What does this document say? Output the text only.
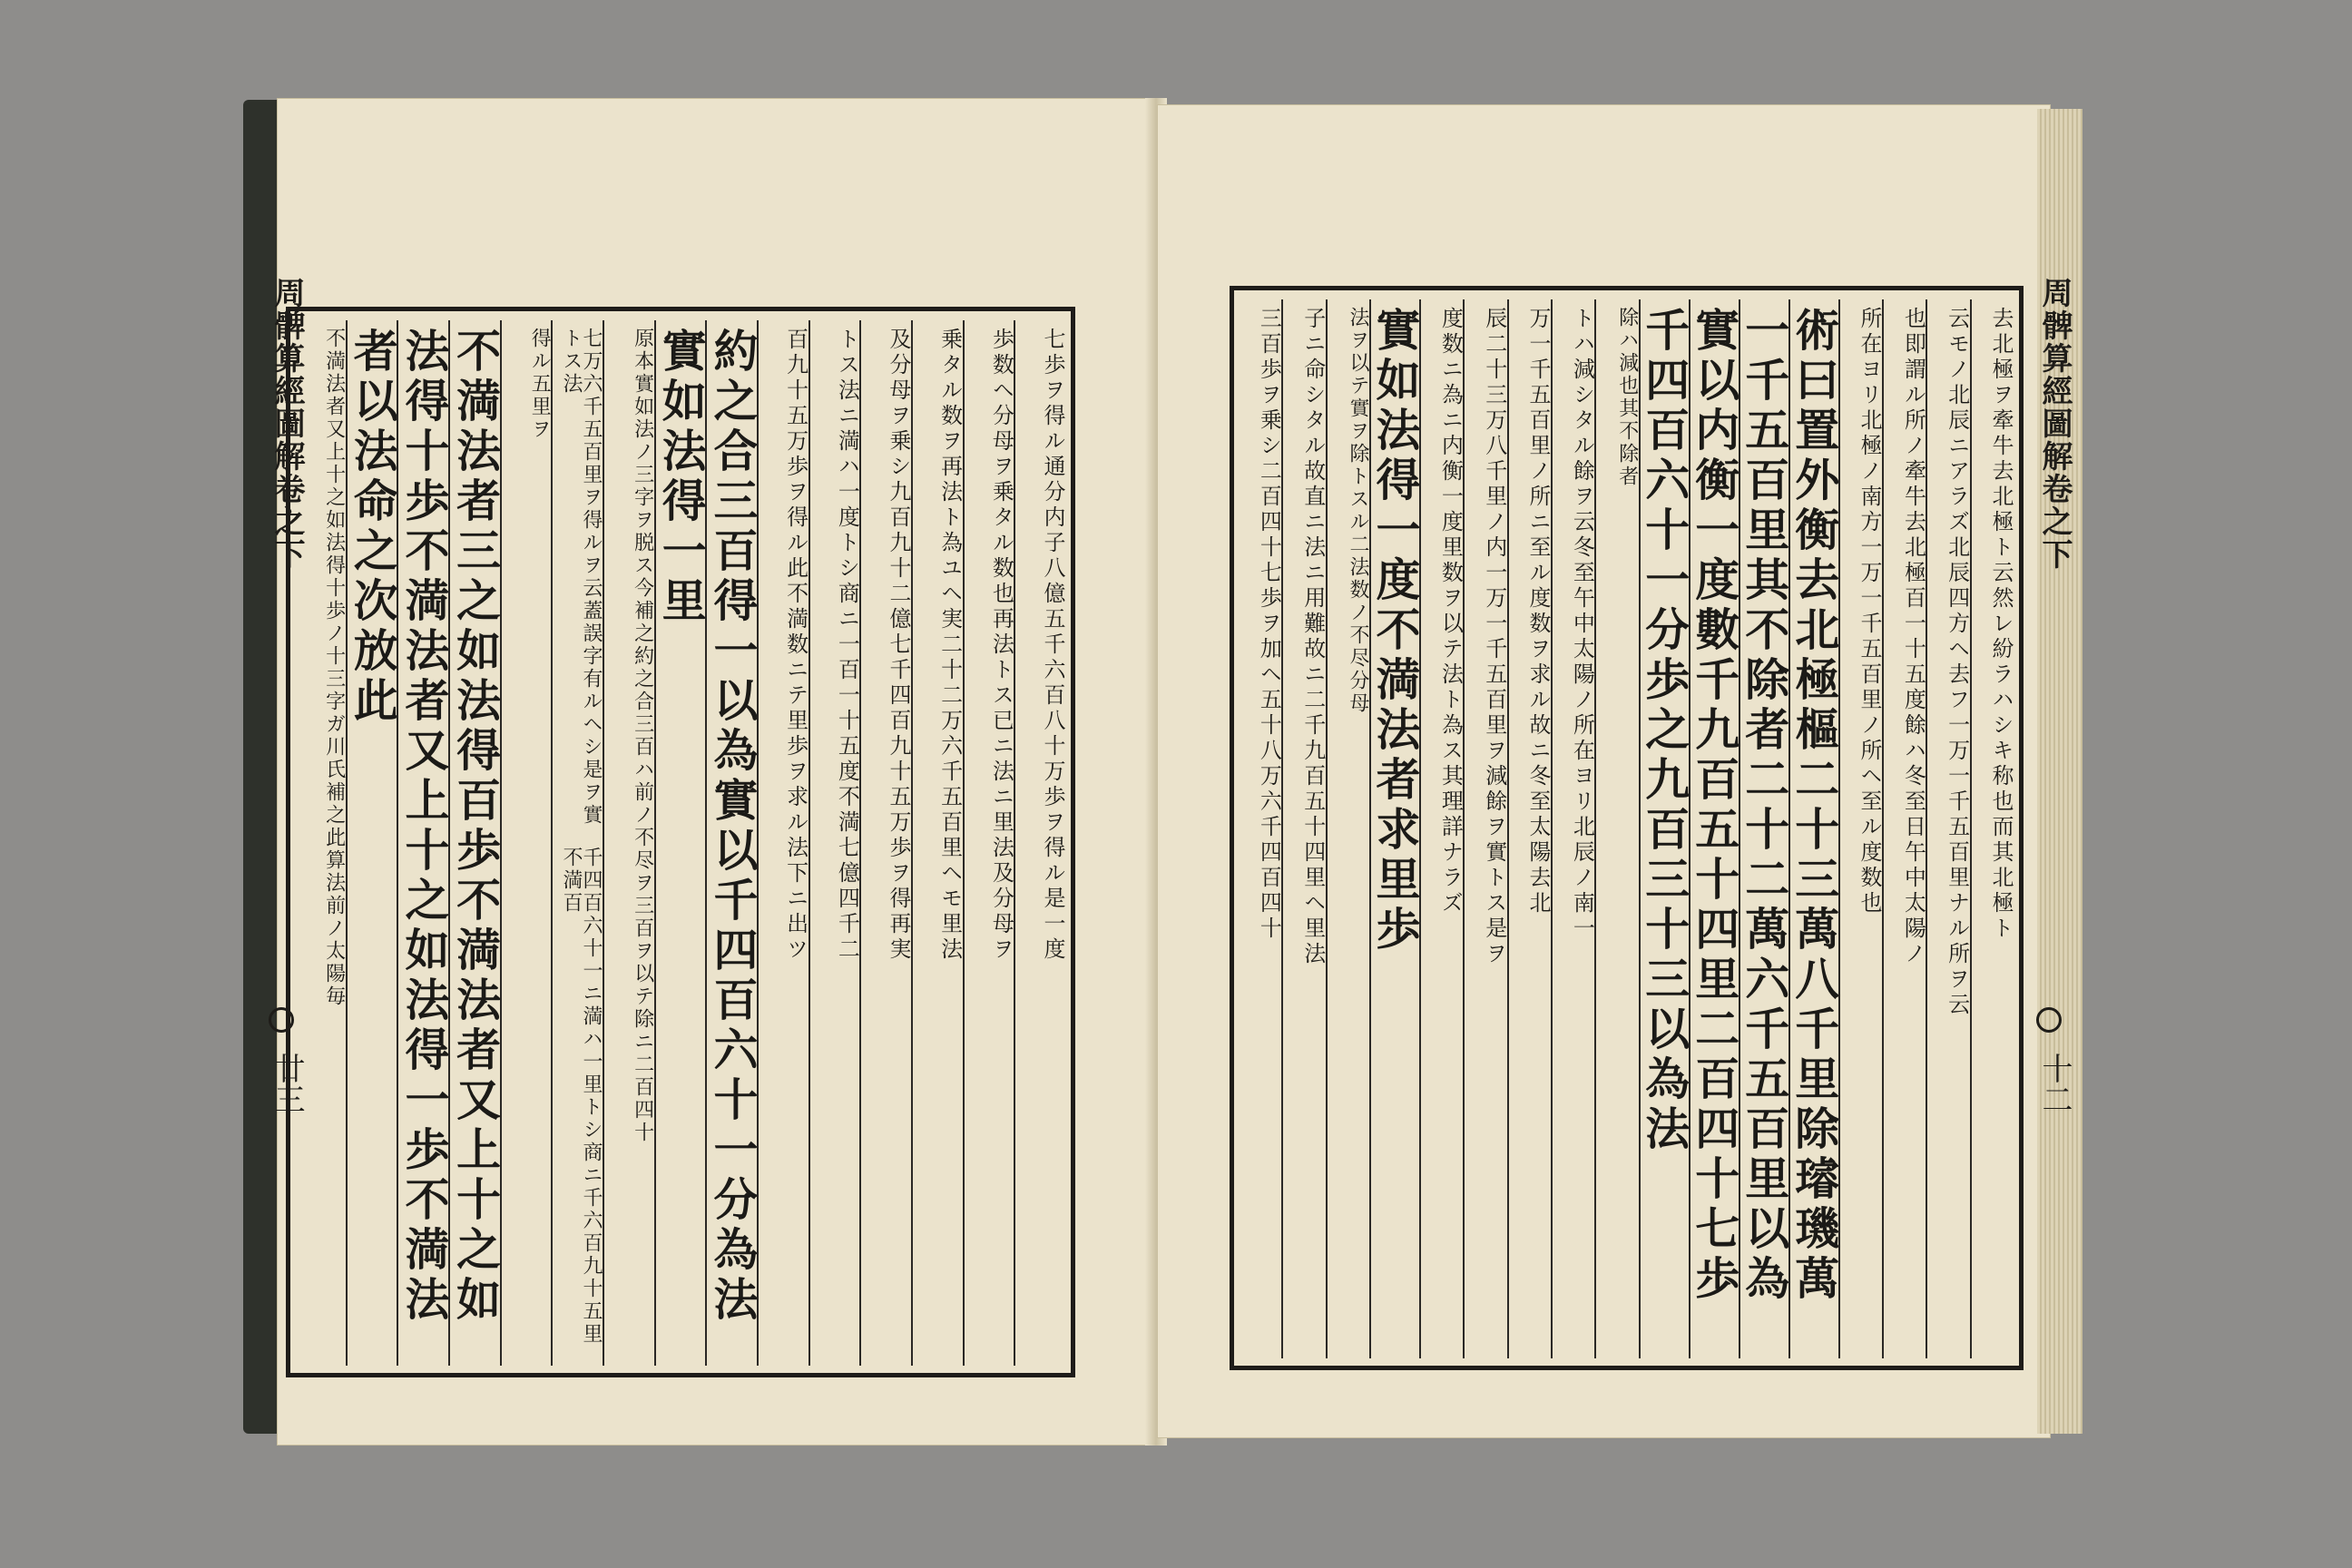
周髀算經圖解卷之下
廿三
七歩ヲ得ル通分内子八億五千六百八十万歩ヲ得ル是一度
歩数ヘ分母ヲ乗タル数也再法トス已ニ法ニ里法及分母ヲ
乗タル数ヲ再法ト為ユヘ実二十二万六千五百里ヘモ里法
及分母ヲ乗シ九百九十二億七千四百九十五万歩ヲ得再実
トス法ニ満ハ一度トシ商ニ一百一十五度不満七億四千二
百九十五万歩ヲ得ル此不満数ニテ里歩ヲ求ル法下ニ出ツ
約之合三百得一以為實以千四百六十一分為法
實如法得一里
原本實如法ノ三字ヲ脱ス今補之約之合三
百ハ前ノ不尽ヲ三百ヲ以テ除ニ二百四十
七万六千五百里ヲ得ルヲ云蓋誤字有ルヘシ是ヲ實トス法
千四百六十一ニ満ハ一里トシ商ニ千六百九十五里不満百
得ル
五里ヲ
不満法者三之如法得百歩不満法者又上十之如
法得十歩不満法者又上十之如法得一歩不満法
者以法命之次放此
不満法者又上十之如法得十歩ノ十
三字ガ川氏補之此算法前ノ太陽毎
周髀算經圖解卷之下
十二
去北極ヲ牽牛去北極ト云然レ紛ラハシキ称也而其北極ト
云モノ北辰ニアラズ北辰四方ヘ去フ一万一千五百里ナル所ヲ云
也即謂ル所ノ牽牛去北極百一十五度餘ハ冬至日午中太陽ノ
所在ヨリ北極ノ南方一万一千五百里ノ所ヘ至ル度数也
術曰置外衡去北極樞二十三萬八千里除璿璣萬
一千五百里其不除者二十二萬六千五百里以為
實以内衡一度數千九百五十四里二百四十七歩
千四百六十一分歩之九百三十三以為法
除ハ減也
其不除者
トハ減シタル餘ヲ云冬至午中太陽ノ所在ヨリ北辰ノ南一
万一千五百里ノ所ニ至ル度数ヲ求ル故ニ冬至太陽去北
辰二十三万八千里ノ内一万一千五百里ヲ減餘ヲ實トス是ヲ
度数ニ為ニ内衡一度里数ヲ以テ法ト為ス其理詳ナラズ
實如法得一度不満法者求里歩
法ヲ以テ實ヲ除トス
ル二法数ノ不尽分母
子ニ命シタル故直ニ法ニ用難故ニ二千九百五十四里ヘ里法
三百歩ヲ乗シ二百四十七歩ヲ加ヘ五十八万六千四百四十
